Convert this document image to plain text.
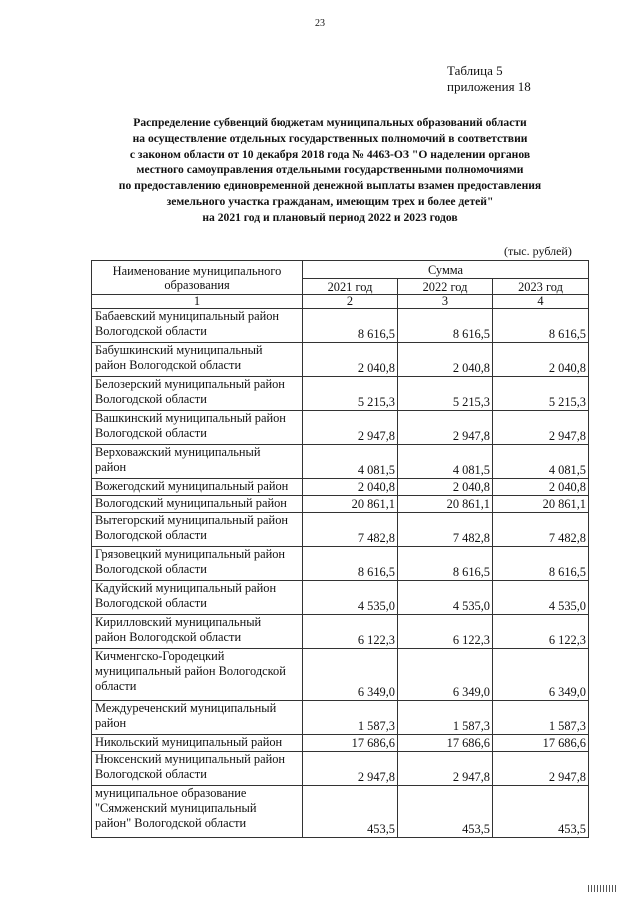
23
Таблица 5
приложения 18
Распределение субвенций бюджетам муниципальных образований области
на осуществление отдельных государственных полномочий в соответствии
с законом области от 10 декабря 2018 года № 4463-ОЗ "О наделении органов
местного самоуправления отдельными государственными полномочиями
по предоставлению единовременной денежной выплаты взамен предоставления
земельного участка гражданам, имеющим трех и более детей"
на 2021 год и плановый период 2022 и 2023 годов
(тыс. рублей)
Наименование муниципального
образования	Сумма		
	2021 год	2022 год	2023 год
1	2	3	4

Бабаевский муниципальный район
Вологодской области	8 616,5	8 616,5	8 616,5

Бабушкинский муниципальный
район Вологодской области	2 040,8	2 040,8	2 040,8

Белозерский муниципальный район
Вологодской области	5 215,3	5 215,3	5 215,3

Вашкинский муниципальный район
Вологодской области	2 947,8	2 947,8	2 947,8

Верховажский муниципальный
район	4 081,5	4 081,5	4 081,5

Вожегодский муниципальный район	2 040,8	2 040,8	2 040,8

Вологодский муниципальный район	20 861,1	20 861,1	20 861,1

Вытегорский муниципальный район
Вологодской области	7 482,8	7 482,8	7 482,8

Грязовецкий муниципальный район
Вологодской области	8 616,5	8 616,5	8 616,5

Кадуйский муниципальный район
Вологодской области	4 535,0	4 535,0	4 535,0

Кирилловский муниципальный
район Вологодской области	6 122,3	6 122,3	6 122,3

Кичменгско-Городецкий
муниципальный район Вологодской
области	6 349,0	6 349,0	6 349,0

Междуреченский муниципальный
район	1 587,3	1 587,3	1 587,3

Никольский муниципальный район	17 686,6	17 686,6	17 686,6

Нюксенский муниципальный район
Вологодской области	2 947,8	2 947,8	2 947,8

муниципальное образование
"Сямженский муниципальный
район" Вологодской области	453,5	453,5	453,5
